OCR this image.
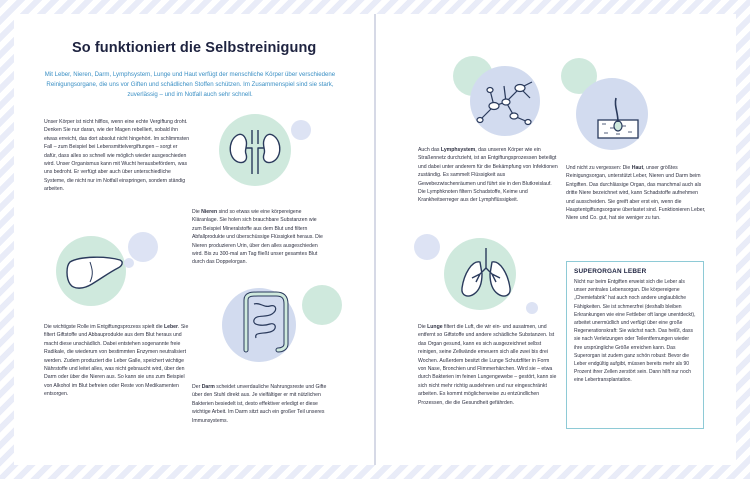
So funktioniert die Selbstreinigung
Mit Leber, Nieren, Darm, Lymphsystem, Lunge und Haut verfügt der menschliche Körper über verschiedene Reinigungsorgane, die uns vor Giften und schädlichen Stoffen schützen. Im Zusammenspiel sind sie stark, zuverlässig – und im Notfall auch sehr schnell.
Unser Körper ist nicht hilflos, wenn eine echte Vergiftung droht. Denken Sie nur daran, wie der Magen rebelliert, sobald ihn etwas erreicht, das dort absolut nicht hingehört. Im schlimmsten Fall – zum Beispiel bei Lebensmittelvergiftungen – sorgt er dafür, dass alles so schnell wie möglich wieder ausgeschieden wird. Unser Organismus kann mit Wucht herausbefördern, was uns bedroht. Er verfügt aber auch über unterschiedliche Systeme, die nicht nur im Notfall einspringen, sondern ständig arbeiten.
Die Nieren sind so etwas wie eine körpereigene Kläranlage. Sie holen sich brauchbare Substanzen wie zum Beispiel Mineralstoffe aus dem Blut und filtern Abfallprodukte und überschüssige Flüssigkeit heraus. Die Nieren produzieren Urin, über den alles ausgeschieden wird. Bis zu 300-mal am Tag fließt unser gesamtes Blut durch das Doppelorgan.
Die wichtigste Rolle im Entgiftungsprozess spielt die Leber. Sie filtert Giftstoffe und Abbauprodukte aus dem Blut heraus und macht diese unschädlich. Dabei entstehen sogenannte freie Radikale, die wiederum von bestimmten Enzymen neutralisiert werden. Zudem produziert die Leber Galle, speichert wichtige Nährstoffe und leitet alles, was nicht gebraucht wird, über den Darm oder über die Nieren aus. So kann sie uns zum Beispiel von Alkohol im Blut befreien oder Reste von Medikamenten entsorgen.
Der Darm scheidet unverdauliche Nahrungsreste und Gifte über den Stuhl direkt aus. Je vielfältiger er mit nützlichen Bakterien besiedelt ist, desto effektiver erledigt er diese wichtige Arbeit. Im Darm sitzt auch ein großer Teil unseres Immunsystems.
Auch das Lymphsystem, das unseren Körper wie ein Straßennetz durchzieht, ist an Entgiftungsprozessen beteiligt und dabei unter anderem für die Bekämpfung von Infektionen zuständig. Es sammelt Flüssigkeit aus Gewebezwischenräumen und führt sie in den Blutkreislauf. Die Lymphknoten filtern Schadstoffe, Keime und Krankheitserreger aus der Lymphflüssigkeit.
Und nicht zu vergessen: Die Haut, unser größtes Reinigungsorgan, unterstützt Leber, Nieren und Darm beim Entgiften. Das durchlässige Organ, das manchmal auch als dritte Niere bezeichnet wird, kann Schadstoffe aufnehmen und ausscheiden. Sie greift aber erst ein, wenn die Hauptentgiftungsorgane überlastet sind. Funktionieren Leber, Niere und Co. gut, hat sie weniger zu tun.
Die Lunge filtert die Luft, die wir ein- und ausatmen, und entfernt so Giftstoffe und andere schädliche Substanzen. Ist das Organ gesund, kann es sich ausgezeichnet selbst reinigen, seine Zellwände erneuern sich alle zwei bis drei Wochen. Außerdem besitzt die Lunge Schutzfilter in Form von Nase, Bronchien und Flimmerhärchen. Wird sie – etwa durch Bakterien im feinen Lungengewebe – gestört, kann sie sich nicht mehr richtig ausdehnen und nur eingeschränkt arbeiten. Es kommt möglicherweise zu entzündlichen Prozessen, die die Gesundheit gefährden.
SUPERORGAN LEBER
Nicht nur beim Entgiften erweist sich die Leber als unser zentrales Lebensorgan. Die körpereigene „Chemiefabrik“ hat auch noch andere unglaubliche Fähigkeiten. Sie ist schmerzfrei (deshalb bleiben Erkrankungen wie eine Fettleber oft lange unentdeckt), arbeitet unermüdlich und verfügt über eine große Regenerationskraft: Sie wächst nach. Das heißt, dass sie nach Verletzungen oder Teilentfernungen wieder ihre ursprüngliche Größe erreichen kann. Das Superorgan ist zudem ganz schön robust: Bevor die Leber endgültig aufgibt, müssen bereits mehr als 90 Prozent ihrer Zellen zerstört sein. Dann hilft nur noch eine Lebertransplantation.
